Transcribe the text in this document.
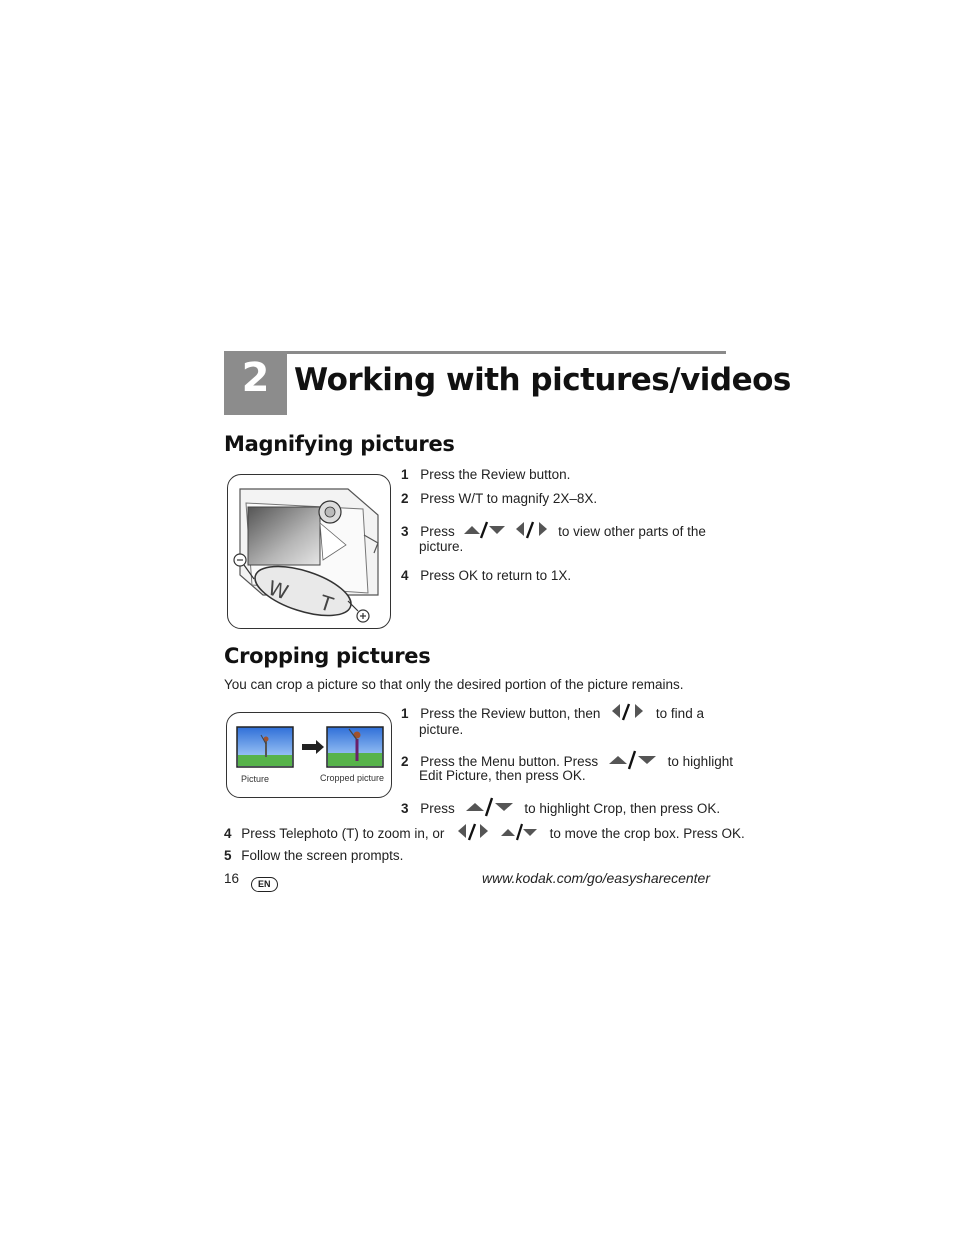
2 Working with pictures/videos
Magnifying pictures
W T
1 Press the Review button.
2 Press W/T to magnify 2X–8X.
3 Press	to view other parts of the
picture.
4 Press OK to return to 1X.
Cropping pictures
You can crop a picture so that only the desired portion of the picture remains.
Picture	Cropped picture
1 Press the Review button, then	to find a
picture.
2 Press the Menu button. Press	to highlight
Edit Picture, then press OK.
3 Press	to highlight Crop, then press OK.
4 Press Telephoto (T) to zoom in, or	to move the crop box. Press OK.
5 Follow the screen prompts.
16	EN	www.kodak.com/go/easysharecenter
